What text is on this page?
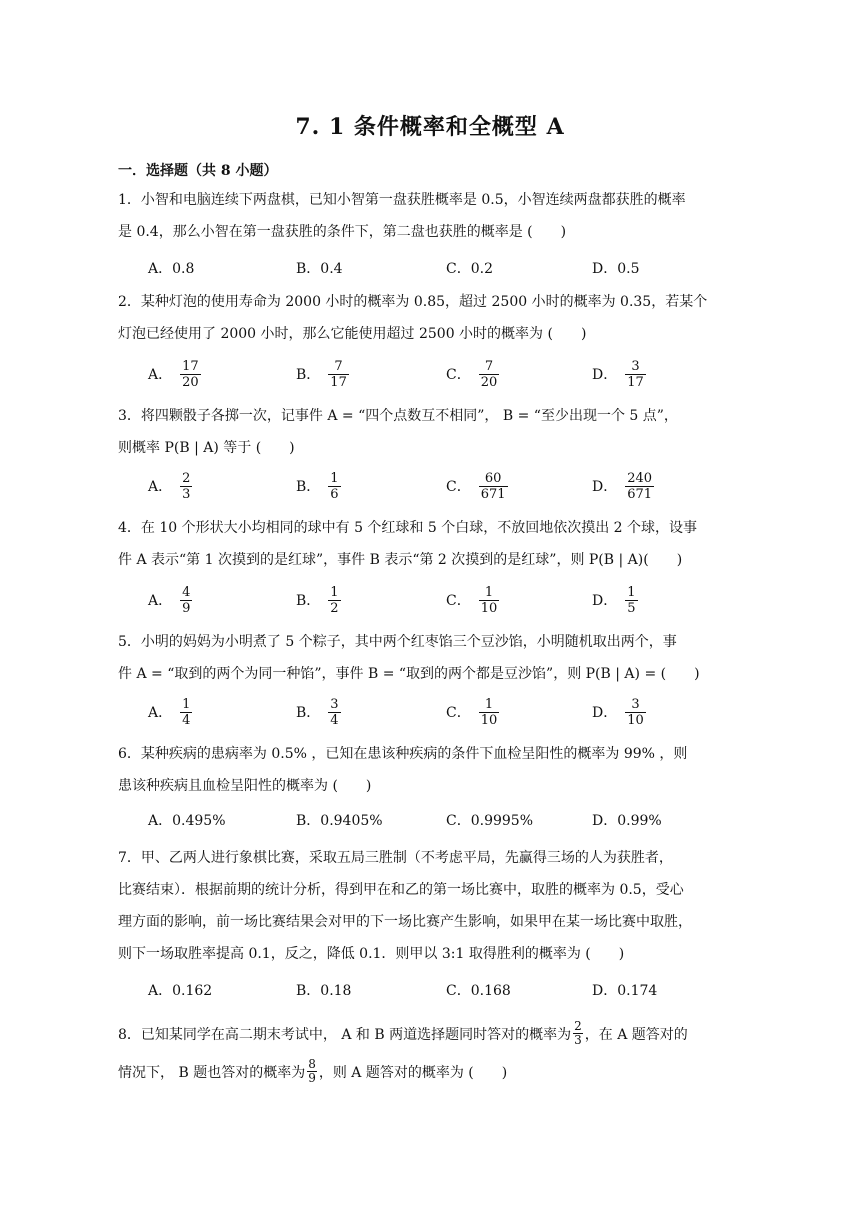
7. 1 条件概率和全概型 A
一．选择题（共 8 小题）
1．小智和电脑连续下两盘棋，已知小智第一盘获胜概率是 0.5，小智连续两盘都获胜的概率
是 0.4，那么小智在第一盘获胜的条件下，第二盘也获胜的概率是 (　　)
A．0.8	B．0.4	C．0.2	D．0.5
2．某种灯泡的使用寿命为 2000 小时的概率为 0.85，超过 2500 小时的概率为 0.35，若某个
灯泡已经使用了 2000 小时，那么它能使用超过 2500 小时的概率为 (　　)
A． $\frac{17}{20}$	B． $\frac{7}{17}$	C． $\frac{7}{20}$	D． $\frac{3}{17}$
3．将四颗骰子各掷一次，记事件 A = “四个点数互不相同”， B = “至少出现一个 5 点”，
则概率 P(B | A) 等于 (　　)
A． $\frac{2}{3}$	B． $\frac{1}{6}$	C． $\frac{60}{671}$	D． $\frac{240}{671}$
4．在 10 个形状大小均相同的球中有 5 个红球和 5 个白球，不放回地依次摸出 2 个球，设事
件 A 表示“第 1 次摸到的是红球”，事件 B 表示“第 2 次摸到的是红球”，则 P(B | A)(　　)
A． $\frac{4}{9}$	B． $\frac{1}{2}$	C． $\frac{1}{10}$	D． $\frac{1}{5}$
5．小明的妈妈为小明煮了 5 个粽子，其中两个红枣馅三个豆沙馅，小明随机取出两个，事
件 A = “取到的两个为同一种馅”，事件 B = “取到的两个都是豆沙馅”，则 P(B | A) = (　　)
A． $\frac{1}{4}$	B． $\frac{3}{4}$	C． $\frac{1}{10}$	D． $\frac{3}{10}$
6．某种疾病的患病率为 0.5% ，已知在患该种疾病的条件下血检呈阳性的概率为 99% ，则
患该种疾病且血检呈阳性的概率为 (　　)
A．0.495%	B．0.9405%	C．0.9995%	D．0.99%
7．甲、乙两人进行象棋比赛，采取五局三胜制（不考虑平局，先赢得三场的人为获胜者，
比赛结束）．根据前期的统计分析，得到甲在和乙的第一场比赛中，取胜的概率为 0.5，受心
理方面的影响，前一场比赛结果会对甲的下一场比赛产生影响，如果甲在某一场比赛中取胜，
则下一场取胜率提高 0.1，反之，降低 0.1．则甲以 3:1 取得胜利的概率为 (　　)
A．0.162	B．0.18	C．0.168	D．0.174
8．已知某同学在高二期末考试中， A 和 B 两道选择题同时答对的概率为 $\frac{2}{3}$ ，在 A 题答对的
情况下， B 题也答对的概率为 $\frac{8}{9}$ ，则 A 题答对的概率为 (　　)
